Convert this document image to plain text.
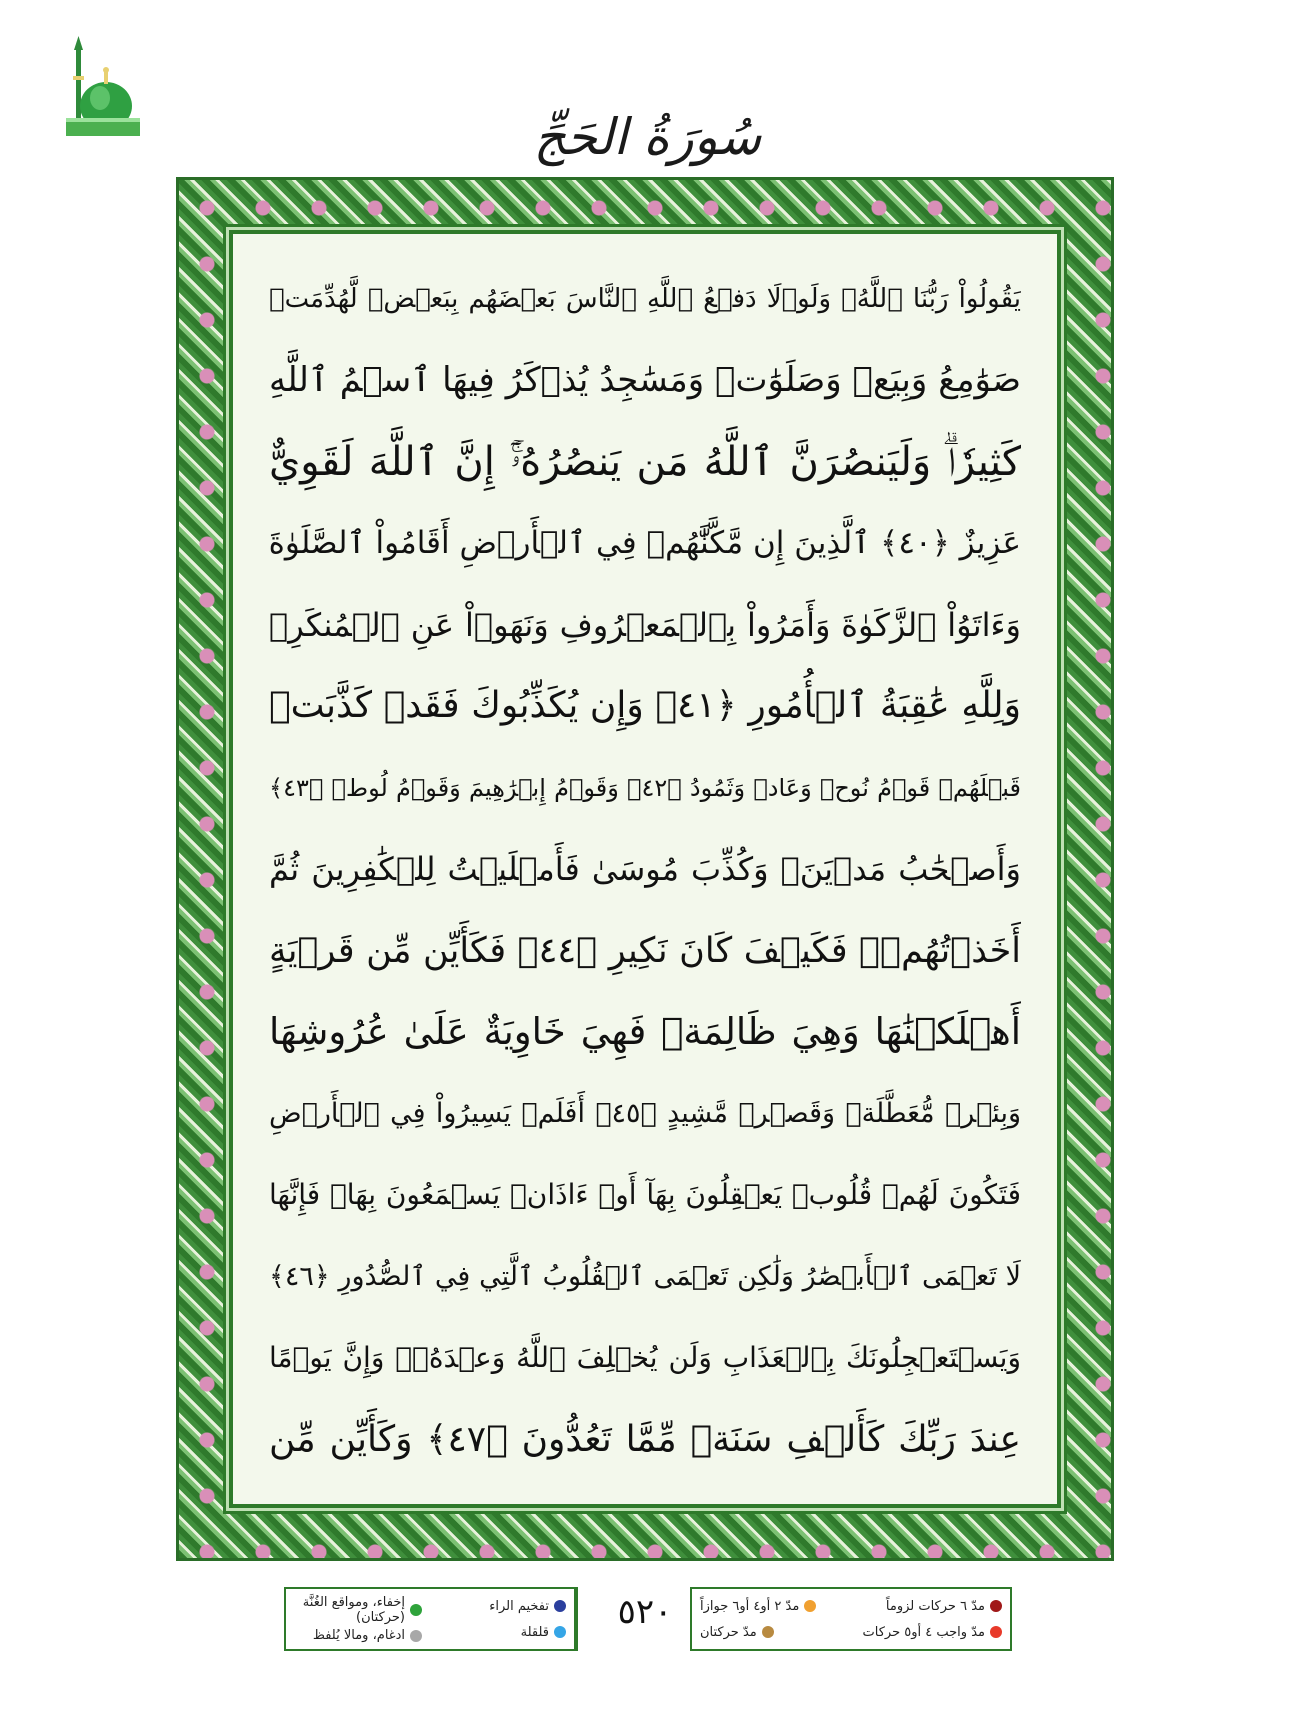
سُورَةُ الحَجِّ
يَقُولُواْ رَبُّنَا ٱللَّهُۗ وَلَوۡلَا دَفۡعُ ٱللَّهِ ٱلنَّاسَ بَعۡضَهُم بِبَعۡضٖ لَّهُدِّمَتۡ
صَوَٰمِعُ وَبِيَعٞ وَصَلَوَٰتٞ وَمَسَٰجِدُ يُذۡكَرُ فِيهَا ٱسۡمُ ٱللَّهِ
كَثِيرٗاۗ وَلَيَنصُرَنَّ ٱللَّهُ مَن يَنصُرُهُۥٓۚ إِنَّ ٱللَّهَ لَقَوِيٌّ
عَزِيزٌ ﴿٤٠﴾ ٱلَّذِينَ إِن مَّكَّنَّٰهُمۡ فِي ٱلۡأَرۡضِ أَقَامُواْ ٱلصَّلَوٰةَ
وَءَاتَوُاْ ٱلزَّكَوٰةَ وَأَمَرُواْ بِٱلۡمَعۡرُوفِ وَنَهَوۡاْ عَنِ ٱلۡمُنكَرِۗ
وَلِلَّهِ عَٰقِبَةُ ٱلۡأُمُورِ ﴿٤١﴾ وَإِن يُكَذِّبُوكَ فَقَدۡ كَذَّبَتۡ
قَبۡلَهُمۡ قَوۡمُ نُوحٖ وَعَادٞ وَثَمُودُ ﴿٤٢﴾ وَقَوۡمُ إِبۡرَٰهِيمَ وَقَوۡمُ لُوطٖ ﴿٤٣﴾
وَأَصۡحَٰبُ مَدۡيَنَۖ وَكُذِّبَ مُوسَىٰ فَأَمۡلَيۡتُ لِلۡكَٰفِرِينَ ثُمَّ
أَخَذۡتُهُمۡۖ فَكَيۡفَ كَانَ نَكِيرِ ﴿٤٤﴾ فَكَأَيِّن مِّن قَرۡيَةٍ
أَهۡلَكۡنَٰهَا وَهِيَ ظَالِمَةٞ فَهِيَ خَاوِيَةٌ عَلَىٰ عُرُوشِهَا
وَبِئۡرٖ مُّعَطَّلَةٖ وَقَصۡرٖ مَّشِيدٍ ﴿٤٥﴾ أَفَلَمۡ يَسِيرُواْ فِي ٱلۡأَرۡضِ
فَتَكُونَ لَهُمۡ قُلُوبٞ يَعۡقِلُونَ بِهَآ أَوۡ ءَاذَانٞ يَسۡمَعُونَ بِهَاۖ فَإِنَّهَا
لَا تَعۡمَى ٱلۡأَبۡصَٰرُ وَلَٰكِن تَعۡمَى ٱلۡقُلُوبُ ٱلَّتِي فِي ٱلصُّدُورِ ﴿٤٦﴾
وَيَسۡتَعۡجِلُونَكَ بِٱلۡعَذَابِ وَلَن يُخۡلِفَ ٱللَّهُ وَعۡدَهُۥۚ وَإِنَّ يَوۡمًا
عِندَ رَبِّكَ كَأَلۡفِ سَنَةٖ مِّمَّا تَعُدُّونَ ﴿٤٧﴾ وَكَأَيِّن مِّن
إخفاء، ومواقع الغُنَّة (حركتان)
ادغام، ومالا يُلفظ
تفخيم الراء
قلقلة	٥٢٠	مدّ ٦ حركات لزوماً
مدّ ٢ أو٤ أو٦ جوازاً
مدّ واجب ٤ أو٥ حركات
مدّ حركتان
